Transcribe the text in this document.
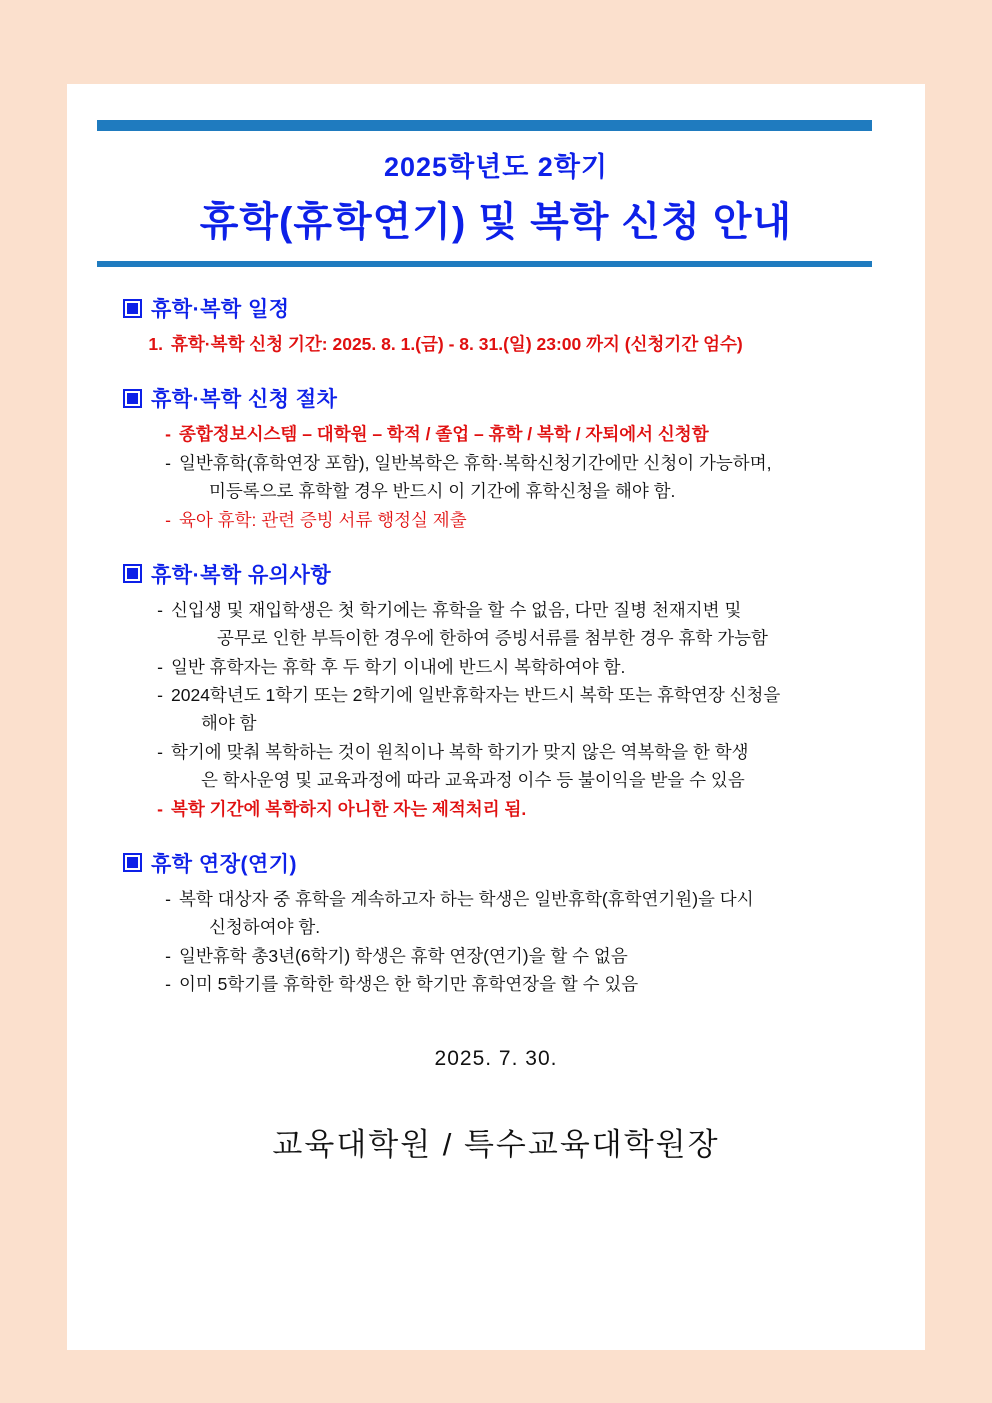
2025학년도 2학기
휴학(휴학연기) 및 복학 신청 안내
휴학·복학 일정
1. 휴학·복학 신청 기간: 2025. 8. 1.(금) - 8. 31.(일) 23:00 까지 (신청기간 엄수)
휴학·복학 신청 절차
- 종합정보시스템 – 대학원 – 학적 / 졸업 – 휴학 / 복학 / 자퇴에서 신청함
- 일반휴학(휴학연장 포함), 일반복학은 휴학·복학신청기간에만 신청이 가능하며,
미등록으로 휴학할 경우 반드시 이 기간에 휴학신청을 해야 함.
- 육아 휴학: 관련 증빙 서류 행정실 제출
휴학·복학 유의사항
- 신입생 및 재입학생은 첫 학기에는 휴학을 할 수 없음, 다만 질병 천재지변 및
공무로 인한 부득이한 경우에 한하여 증빙서류를 첨부한 경우 휴학 가능함
- 일반 휴학자는 휴학 후 두 학기 이내에 반드시 복학하여야 함.
- 2024학년도 1학기 또는 2학기에 일반휴학자는 반드시 복학 또는 휴학연장 신청을
해야 함
- 학기에 맞춰 복학하는 것이 원칙이나 복학 학기가 맞지 않은 역복학을 한 학생
은 학사운영 및 교육과정에 따라 교육과정 이수 등 불이익을 받을 수 있음
- 복학 기간에 복학하지 아니한 자는 제적처리 됨.
휴학 연장(연기)
- 복학 대상자 중 휴학을 계속하고자 하는 학생은 일반휴학(휴학연기원)을 다시
신청하여야 함.
- 일반휴학 총3년(6학기) 학생은 휴학 연장(연기)을 할 수 없음
- 이미 5학기를 휴학한 학생은 한 학기만 휴학연장을 할 수 있음
2025. 7. 30.
교육대학원 / 특수교육대학원장
